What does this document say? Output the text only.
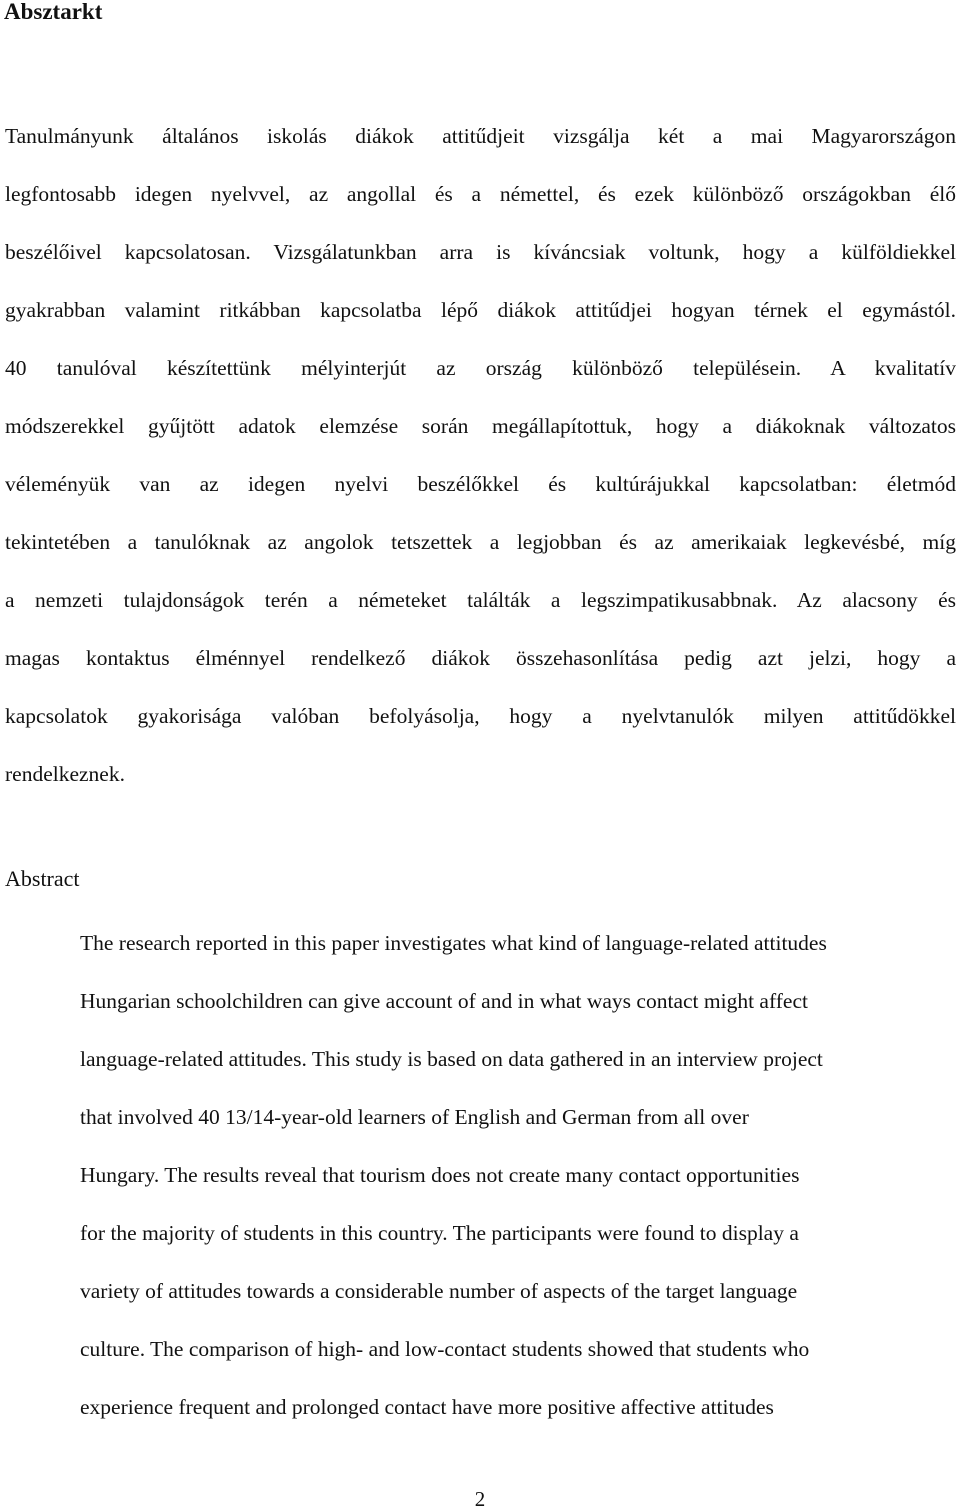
Absztarkt
Tanulmányunk általános iskolás diákok attitűdjeit vizsgálja két a mai Magyarországon
legfontosabb idegen nyelvvel, az angollal és a némettel, és ezek különböző országokban élő
beszélőivel kapcsolatosan. Vizsgálatunkban arra is kíváncsiak voltunk, hogy a külföldiekkel
gyakrabban valamint ritkábban kapcsolatba lépő diákok attitűdjei hogyan térnek el egymástól.
40 tanulóval készítettünk mélyinterjút az ország különböző településein. A kvalitatív
módszerekkel gyűjtött adatok elemzése során megállapítottuk, hogy a diákoknak változatos
véleményük van az idegen nyelvi beszélőkkel és kultúrájukkal kapcsolatban: életmód
tekintetében a tanulóknak az angolok tetszettek a legjobban és az amerikaiak legkevésbé, míg
a nemzeti tulajdonságok terén a németeket találták a legszimpatikusabbnak. Az alacsony és
magas kontaktus élménnyel rendelkező diákok összehasonlítása pedig azt jelzi, hogy a
kapcsolatok gyakorisága valóban befolyásolja, hogy a nyelvtanulók milyen attitűdökkel
rendelkeznek.
Abstract
The research reported in this paper investigates what kind of language-related attitudes
Hungarian schoolchildren can give account of and in what ways contact might affect
language-related attitudes. This study is based on data gathered in an interview project
that involved 40 13/14-year-old learners of English and German from all over
Hungary. The results reveal that tourism does not create many contact opportunities
for the majority of students in this country. The participants were found to display a
variety of attitudes towards a considerable number of aspects of the target language
culture. The comparison of high- and low-contact students showed that students who
experience frequent and prolonged contact have more positive affective attitudes
2
